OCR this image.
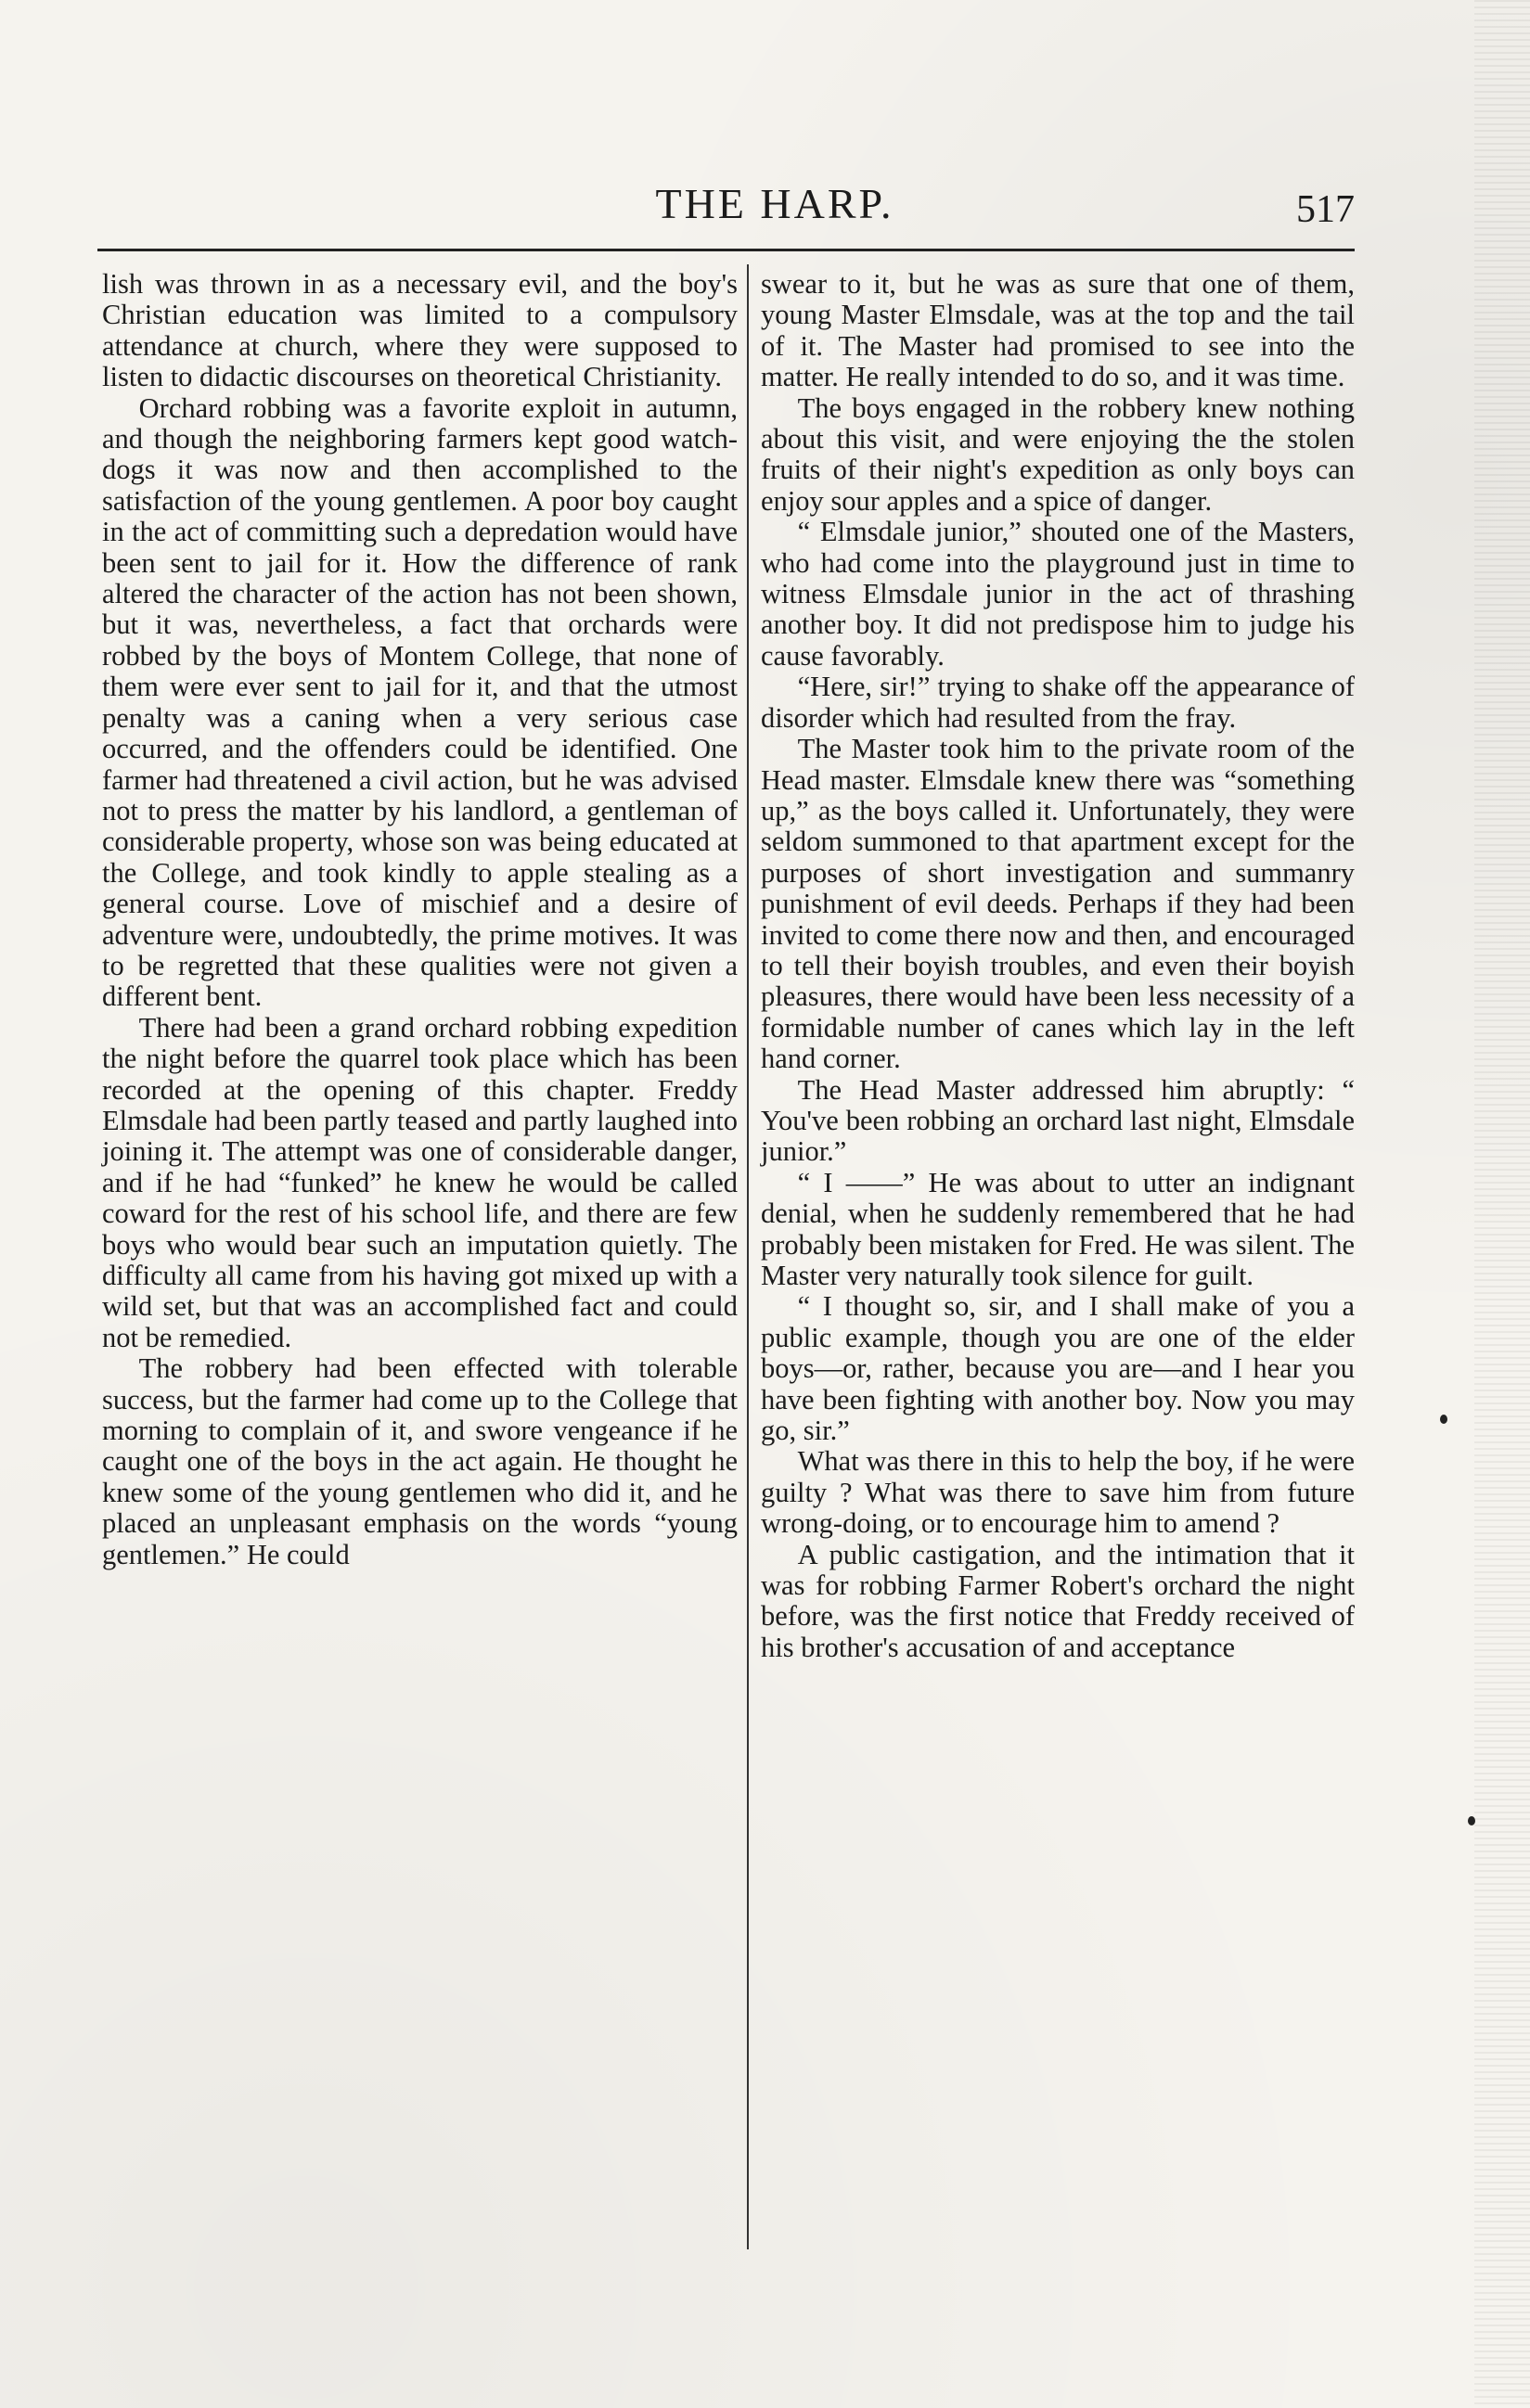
THE HARP.	517

lish was thrown in as a necessary evil, and the boy's Christian education was limited to a compulsory attendance at church, where they were supposed to listen to didactic discourses on theoretical Christianity.

Orchard robbing was a favorite exploit in autumn, and though the neighboring farmers kept good watch-dogs it was now and then accomplished to the satisfaction of the young gentlemen. A poor boy caught in the act of committing such a depredation would have been sent to jail for it. How the difference of rank altered the character of the action has not been shown, but it was, nevertheless, a fact that orchards were robbed by the boys of Montem College, that none of them were ever sent to jail for it, and that the utmost penalty was a caning when a very serious case occurred, and the offenders could be identified. One farmer had threatened a civil action, but he was advised not to press the matter by his landlord, a gentleman of considerable property, whose son was being educated at the College, and took kindly to apple stealing as a general course. Love of mischief and a desire of adventure were, undoubtedly, the prime motives. It was to be regretted that these qualities were not given a different bent.

There had been a grand orchard robbing expedition the night before the quarrel took place which has been recorded at the opening of this chapter. Freddy Elmsdale had been partly teased and partly laughed into joining it. The attempt was one of considerable danger, and if he had “funked” he knew he would be called coward for the rest of his school life, and there are few boys who would bear such an imputation quietly. The difficulty all came from his having got mixed up with a wild set, but that was an accomplished fact and could not be remedied.

The robbery had been effected with tolerable success, but the farmer had come up to the College that morning to complain of it, and swore vengeance if he caught one of the boys in the act again. He thought he knew some of the young gentlemen who did it, and he placed an unpleasant emphasis on the words “young gentlemen.” He could

swear to it, but he was as sure that one of them, young Master Elmsdale, was at the top and the tail of it. The Master had promised to see into the matter. He really intended to do so, and it was time.

The boys engaged in the robbery knew nothing about this visit, and were enjoying the the stolen fruits of their night's expedition as only boys can enjoy sour apples and a spice of danger.

“ Elmsdale junior,” shouted one of the Masters, who had come into the playground just in time to witness Elmsdale junior in the act of thrashing another boy. It did not predispose him to judge his cause favorably.

“Here, sir!” trying to shake off the appearance of disorder which had resulted from the fray.

The Master took him to the private room of the Head master. Elmsdale knew there was “something up,” as the boys called it. Unfortunately, they were seldom summoned to that apartment except for the purposes of short investigation and summanry punishment of evil deeds. Perhaps if they had been invited to come there now and then, and encouraged to tell their boyish troubles, and even their boyish pleasures, there would have been less necessity of a formidable number of canes which lay in the left hand corner.

The Head Master addressed him abruptly: “ You've been robbing an orchard last night, Elmsdale junior.”

“ I ——” He was about to utter an indignant denial, when he suddenly remembered that he had probably been mistaken for Fred. He was silent. The Master very naturally took silence for guilt.

“ I thought so, sir, and I shall make of you a public example, though you are one of the elder boys—or, rather, because you are—and I hear you have been fighting with another boy. Now you may go, sir.”

What was there in this to help the boy, if he were guilty ? What was there to save him from future wrong-doing, or to encourage him to amend ?

A public castigation, and the intimation that it was for robbing Farmer Robert's orchard the night before, was the first notice that Freddy received of his brother's accusation of and acceptance
